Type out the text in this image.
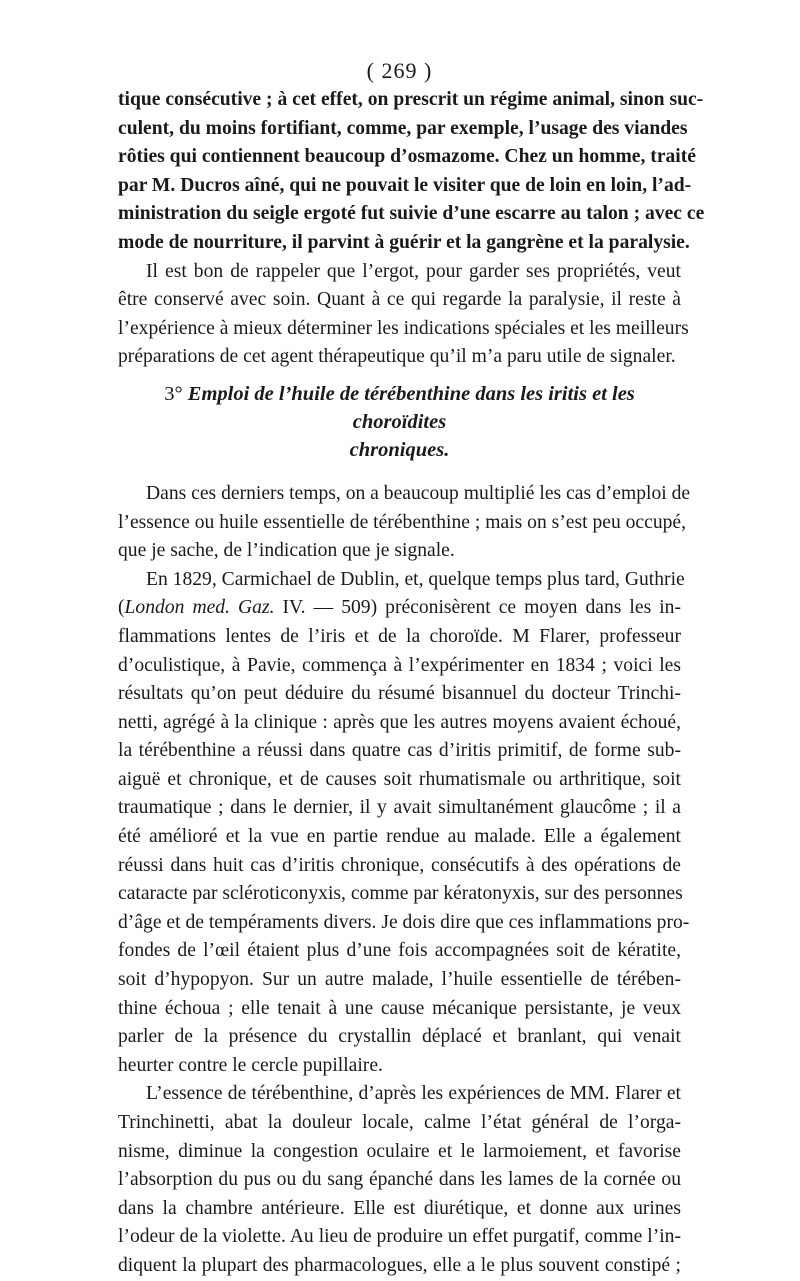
( 269 )
tique consécutive ; à cet effet, on prescrit un régime animal, sinon suc-
culent, du moins fortifiant, comme, par exemple, l’usage des viandes
rôties qui contiennent beaucoup d’osmazome. Chez un homme, traité
par M. Ducros aîné, qui ne pouvait le visiter que de loin en loin, l’ad-
ministration du seigle ergoté fut suivie d’une escarre au talon ; avec ce
mode de nourriture, il parvint à guérir et la gangrène et la paralysie.
Il est bon de rappeler que l’ergot, pour garder ses propriétés, veut
être conservé avec soin. Quant à ce qui regarde la paralysie, il reste à
l’expérience à mieux déterminer les indications spéciales et les meilleurs
préparations de cet agent thérapeutique qu’il m’a paru utile de signaler.
3° Emploi de l’huile de térébenthine dans les iritis et les choroïdites
chroniques.
Dans ces derniers temps, on a beaucoup multiplié les cas d’emploi de
l’essence ou huile essentielle de térébenthine ; mais on s’est peu occupé,
que je sache, de l’indication que je signale.
En 1829, Carmichael de Dublin, et, quelque temps plus tard, Guthrie
(London med. Gaz. IV. — 509) préconisèrent ce moyen dans les in-
flammations lentes de l’iris et de la choroïde. M Flarer, professeur
d’oculistique, à Pavie, commença à l’expérimenter en 1834 ; voici les
résultats qu’on peut déduire du résumé bisannuel du docteur Trinchi-
netti, agrégé à la clinique : après que les autres moyens avaient échoué,
la térébenthine a réussi dans quatre cas d’iritis primitif, de forme sub-
aiguë et chronique, et de causes soit rhumatismale ou arthritique, soit
traumatique ; dans le dernier, il y avait simultanément glaucôme ; il a
été amélioré et la vue en partie rendue au malade. Elle a également
réussi dans huit cas d’iritis chronique, consécutifs à des opérations de
cataracte par scléroticonyxis, comme par kératonyxis, sur des personnes
d’âge et de tempéraments divers. Je dois dire que ces inflammations pro-
fondes de l’œil étaient plus d’une fois accompagnées soit de kératite,
soit d’hypopyon. Sur un autre malade, l’huile essentielle de térében-
thine échoua ; elle tenait à une cause mécanique persistante, je veux
parler de la présence du crystallin déplacé et branlant, qui venait
heurter contre le cercle pupillaire.
L’essence de térébenthine, d’après les expériences de MM. Flarer et
Trinchinetti, abat la douleur locale, calme l’état général de l’orga-
nisme, diminue la congestion oculaire et le larmoiement, et favorise
l’absorption du pus ou du sang épanché dans les lames de la cornée ou
dans la chambre antérieure. Elle est diurétique, et donne aux urines
l’odeur de la violette. Au lieu de produire un effet purgatif, comme l’in-
diquent la plupart des pharmacologues, elle a le plus souvent constipé ;
